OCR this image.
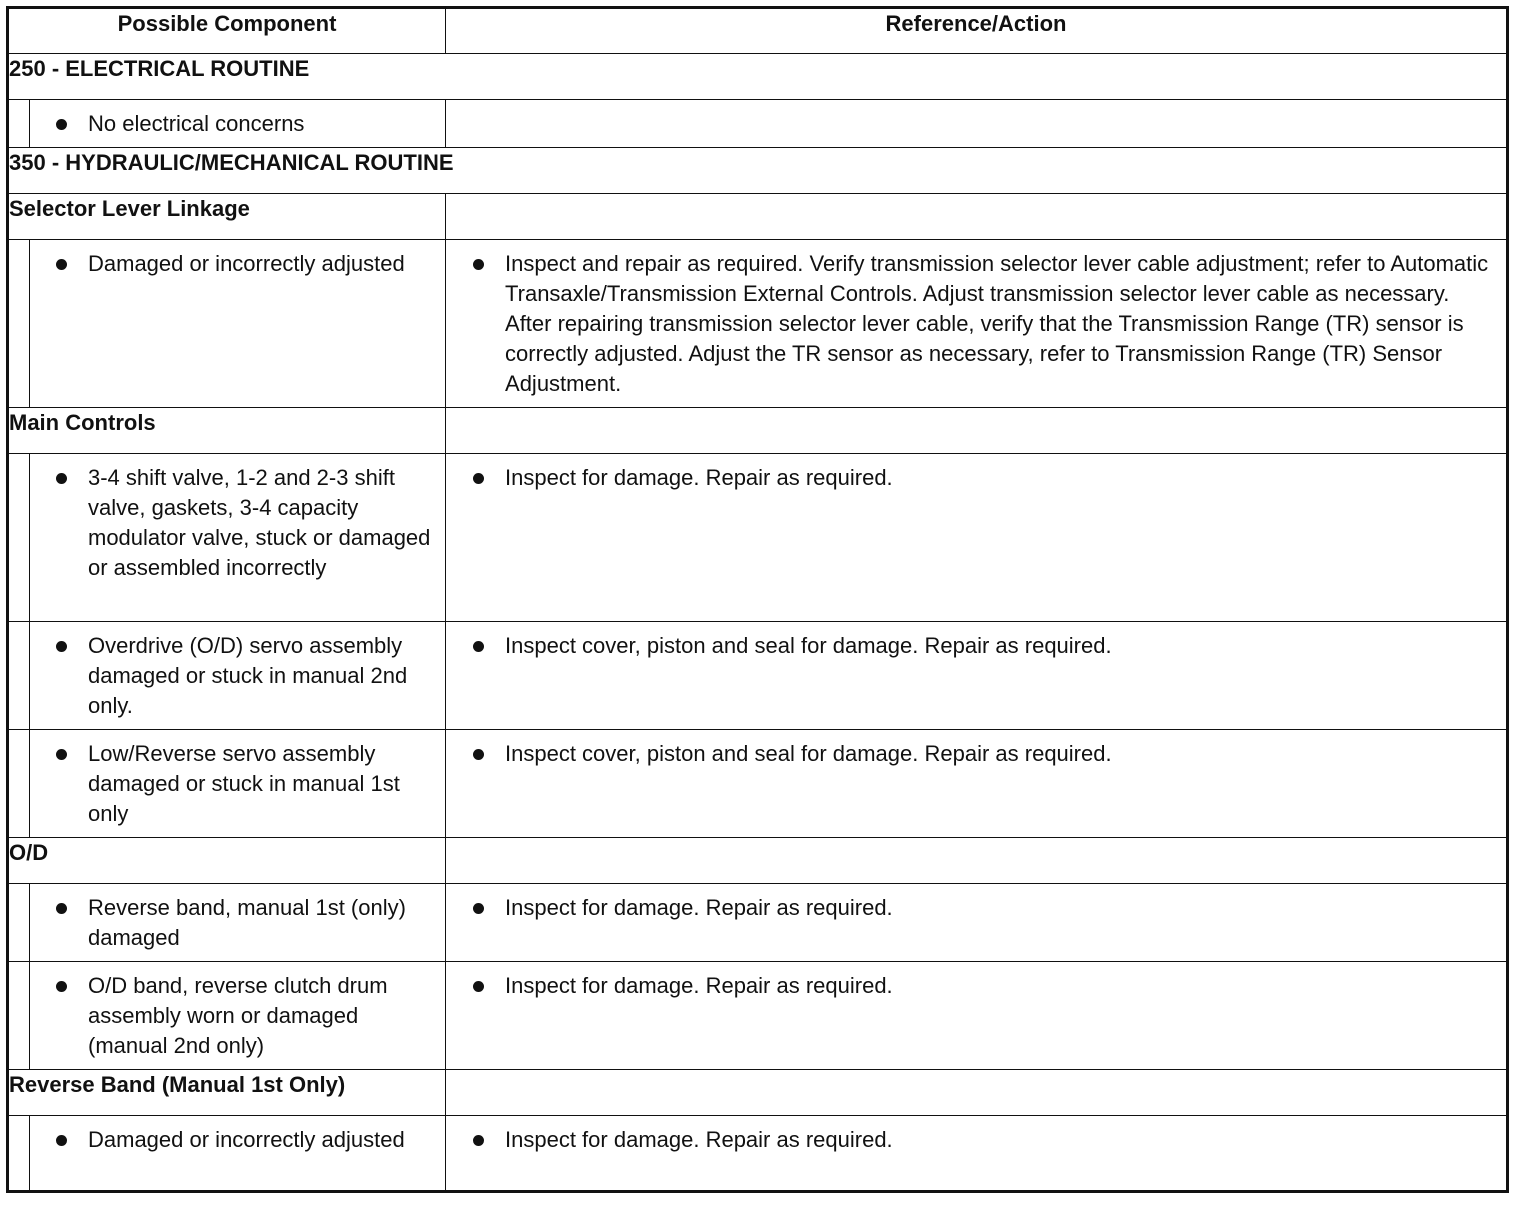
Possible Component		Reference/Action
250 - ELECTRICAL ROUTINE		

	No electrical concerns	

350 - HYDRAULIC/MECHANICAL ROUTINE		
Selector Lever Linkage		

	Damaged or incorrectly adjusted	Inspect and repair as required. Verify transmission selector lever cable adjustment; refer to Automatic Transaxle/Transmission External Controls. Adjust transmission selector lever cable as necessary. After repairing transmission selector lever cable, verify that the Transmission Range (TR) sensor is correctly adjusted. Adjust the TR sensor as necessary, refer to Transmission Range (TR) Sensor Adjustment.

Main Controls		

	3-4 shift valve, 1-2 and 2-3 shift valve, gaskets, 3-4 capacity modulator valve, stuck or damaged or assembled incorrectly	Inspect for damage. Repair as required.

	Overdrive (O/D) servo assembly damaged or stuck in manual 2nd only.	Inspect cover, piston and seal for damage. Repair as required.

	Low/Reverse servo assembly damaged or stuck in manual 1st only	Inspect cover, piston and seal for damage. Repair as required.

O/D		

	Reverse band, manual 1st (only) damaged	Inspect for damage. Repair as required.

	O/D band, reverse clutch drum assembly worn or damaged (manual 2nd only)	Inspect for damage. Repair as required.

Reverse Band (Manual 1st Only)		

	Damaged or incorrectly adjusted	Inspect for damage. Repair as required.
